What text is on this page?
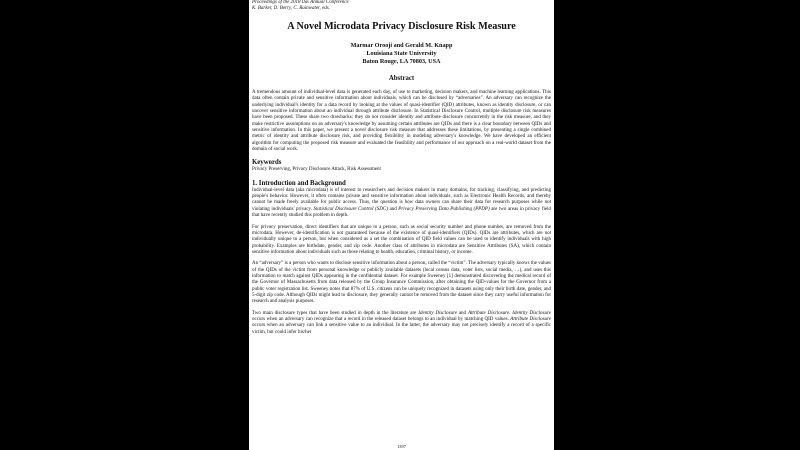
Proceedings of the 2018 ISE Annual Conference
K. Barker, D. Berry, C. Rainwater, eds.
A Novel Microdata Privacy Disclosure Risk Measure
Marmar Orooji and Gerald M. Knapp
Louisiana State University
Baton Rouge, LA 70803, USA
Abstract

A tremendous amount of individual-level data is generated each day, of use to marketing, decision makers, and machine learning applications. This data often contain private and sensitive information about individuals, which can be disclosed by “adversaries”. An adversary can recognize the underlying individual's identity for a data record by looking at the values of quasi-identifier (QID) attributes, known as identity disclosure, or can uncover sensitive information about an individual through attribute disclosure. In Statistical Disclosure Control, multiple disclosure risk measures have been proposed. These share two drawbacks: they do not consider identity and attribute disclosure concurrently in the risk measure, and they make restrictive assumptions on an adversary's knowledge by assuming certain attributes are QIDs and there is a clear boundary between QIDs and sensitive information. In this paper, we present a novel disclosure risk measure that addresses these limitations, by presenting a single combined metric of identity and attribute disclosure risk, and providing flexibility in modeling adversary's knowledge. We have developed an efficient algorithm for computing the proposed risk measure and evaluated the feasibility and performance of our approach on a real-world dataset from the domain of social work.

Keywords

Privacy Preserving, Privacy Disclosure Attack, Risk Assessment

1. Introduction and Background

Individual-level data (aka microdata) is of interest to researchers and decision makers in many domains, for tracking, classifying, and predicting people's behavior. However, it often contains private and sensitive information about individuals, such as Electronic Health Records, and thereby cannot be made freely available for public access. Thus, the question is how data owners can share their data for research purposes while not violating individuals' privacy. Statistical Disclosure Control (SDC) and Privacy Preserving Data Publishing (PPDP) are two areas in privacy field that have recently studied this problem in depth.

For privacy preservation, direct identifiers that are unique to a person, such as social security number and phone number, are removed from the microdata. However, de-identification is not guaranteed because of the existence of quasi-identifiers (QIDs). QIDs are attributes, which are not individually unique to a person, but when considered as a set the combination of QID field values can be used to identify individuals with high probability. Examples are birthdate, gender, and zip code. Another class of attributes in microdata are Sensitive Attributes (SA), which contain sensitive information about individuals such as those relating to health, education, criminal history, or income.

An “adversary” is a person who wants to disclose sensitive information about a person, called the “victim”. The adversary typically knows the values of the QIDs of the victim from personal knowledge or publicly available datasets (local census data, voter lists, social media, …), and uses this information to match against QIDs appearing in the confidential dataset. For example Sweeney [1] demonstrated discovering the medical record of the Governor of Massachusetts from data released by the Group Insurance Commission, after obtaining the QID-values for the Governor from a public voter registration list. Sweeney notes that 87% of U.S. citizens can be uniquely recognized in datasets using only their birth date, gender, and 5-digit zip code. Although QIDs might lead to disclosure, they generally cannot be removed from the dataset since they carry useful information for research and analysis purposes.

Two main disclosure types that have been studied in depth in the literature are Identity Disclosure and Attribute Disclosure. Identity Disclosure occurs when an adversary can recognize that a record in the released dataset belongs to an individual by matching QID values. Attribute Disclosure occurs when an adversary can link a sensitive value to an individual. In the latter, the adversary may not precisely identify a record of a specific victim, but could infer his/her

1397
